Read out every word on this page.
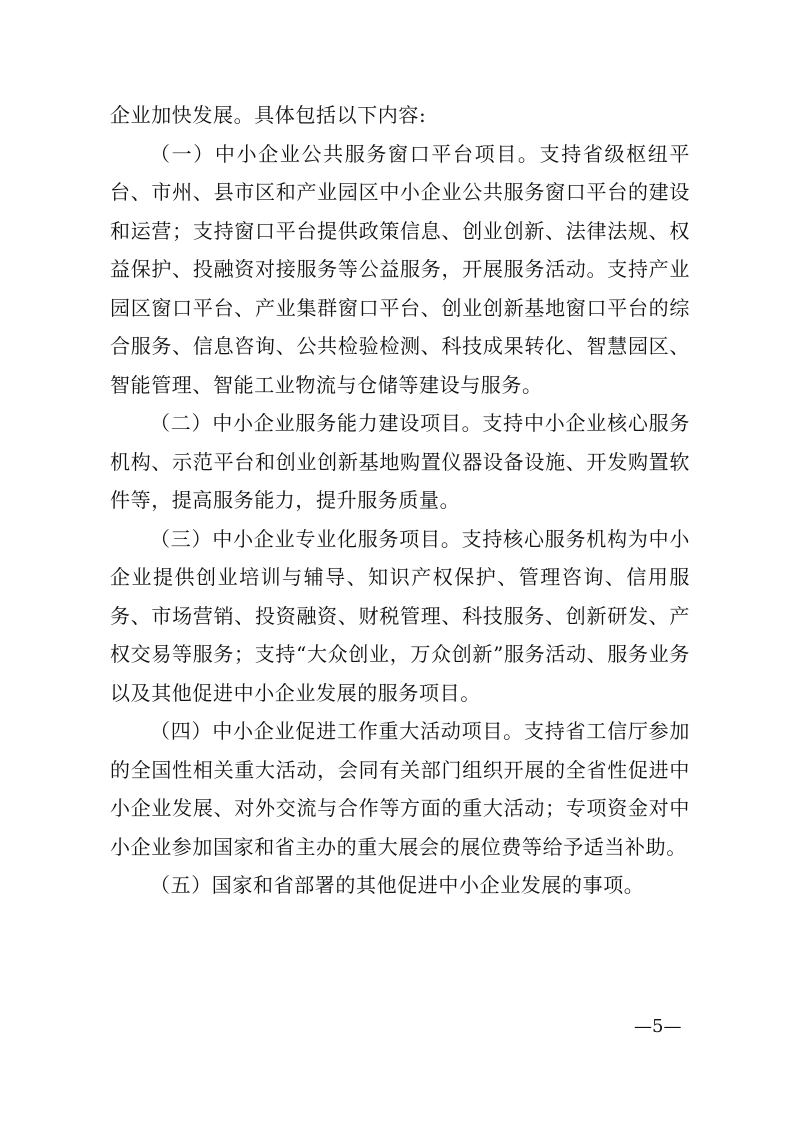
企业加快发展。具体包括以下内容:

（一）中小企业公共服务窗口平台项目。支持省级枢纽平台、市州、县市区和产业园区中小企业公共服务窗口平台的建设和运营；支持窗口平台提供政策信息、创业创新、法律法规、权益保护、投融资对接服务等公益服务，开展服务活动。支持产业园区窗口平台、产业集群窗口平台、创业创新基地窗口平台的综合服务、信息咨询、公共检验检测、科技成果转化、智慧园区、智能管理、智能工业物流与仓储等建设与服务。

（二）中小企业服务能力建设项目。支持中小企业核心服务机构、示范平台和创业创新基地购置仪器设备设施、开发购置软件等，提高服务能力，提升服务质量。

（三）中小企业专业化服务项目。支持核心服务机构为中小企业提供创业培训与辅导、知识产权保护、管理咨询、信用服务、市场营销、投资融资、财税管理、科技服务、创新研发、产权交易等服务；支持“大众创业，万众创新”服务活动、服务业务以及其他促进中小企业发展的服务项目。

（四）中小企业促进工作重大活动项目。支持省工信厅参加的全国性相关重大活动，会同有关部门组织开展的全省性促进中小企业发展、对外交流与合作等方面的重大活动；专项资金对中小企业参加国家和省主办的重大展会的展位费等给予适当补助。

（五）国家和省部署的其他促进中小企业发展的事项。

—5—
